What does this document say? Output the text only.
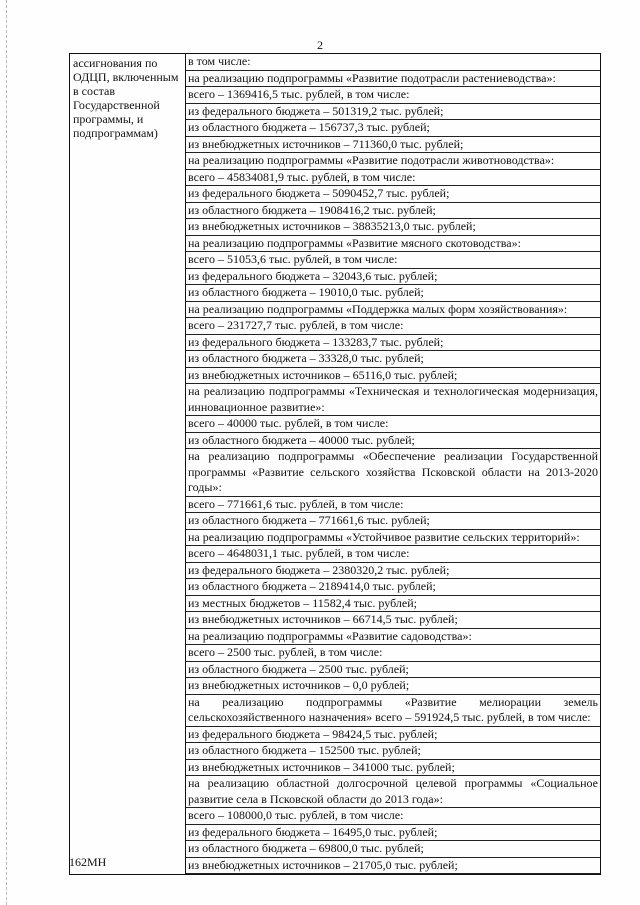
2
ассигнования по ОДЦП, включенным в состав Государственной программы, и подпрограммам)

в том числе:
на реализацию подпрограммы «Развитие подотрасли растениеводства»:
всего – 1369416,5 тыс. рублей, в том числе:
из федерального бюджета – 501319,2 тыс. рублей;
из областного бюджета – 156737,3 тыс. рублей;
из внебюджетных источников – 711360,0 тыс. рублей;
на реализацию подпрограммы «Развитие подотрасли животноводства»:
всего – 45834081,9 тыс. рублей, в том числе:
из федерального бюджета – 5090452,7 тыс. рублей;
из областного бюджета – 1908416,2 тыс. рублей;
из внебюджетных источников – 38835213,0 тыс. рублей;
на реализацию подпрограммы «Развитие мясного скотоводства»:
всего – 51053,6 тыс. рублей, в том числе:
из федерального бюджета – 32043,6 тыс. рублей;
из областного бюджета – 19010,0 тыс. рублей;
на реализацию подпрограммы «Поддержка малых форм хозяйствования»:
всего – 231727,7 тыс. рублей, в том числе:
из федерального бюджета – 133283,7 тыс. рублей;
из областного бюджета – 33328,0 тыс. рублей;
из внебюджетных источников – 65116,0 тыс. рублей;
на реализацию подпрограммы «Техническая и технологическая модернизация, инновационное развитие»:
всего – 40000 тыс. рублей, в том числе:
из областного бюджета – 40000 тыс. рублей;
на реализацию подпрограммы «Обеспечение реализации Государственной программы «Развитие сельского хозяйства Псковской области на 2013-2020 годы»:
всего – 771661,6 тыс. рублей, в том числе:
из областного бюджета – 771661,6 тыс. рублей;
на реализацию подпрограммы «Устойчивое развитие сельских территорий»:
всего – 4648031,1 тыс. рублей, в том числе:
из федерального бюджета – 2380320,2 тыс. рублей;
из областного бюджета – 2189414,0 тыс. рублей;
из местных бюджетов – 11582,4 тыс. рублей;
из внебюджетных источников – 66714,5 тыс. рублей;
на реализацию подпрограммы «Развитие садоводства»:
всего – 2500 тыс. рублей, в том числе:
из областного бюджета – 2500 тыс. рублей;
из внебюджетных источников – 0,0 рублей;
на реализацию подпрограммы «Развитие мелиорации земель сельскохозяйственного назначения» всего – 591924,5 тыс. рублей, в том числе:
из федерального бюджета – 98424,5 тыс. рублей;
из областного бюджета – 152500 тыс. рублей;
из внебюджетных источников – 341000 тыс. рублей;
на реализацию областной долгосрочной целевой программы «Социальное развитие села в Псковской области до 2013 года»:
всего – 108000,0 тыс. рублей, в том числе:
из федерального бюджета – 16495,0 тыс. рублей;
из областного бюджета – 69800,0 тыс. рублей;
из внебюджетных источников – 21705,0 тыс. рублей;
162МН
